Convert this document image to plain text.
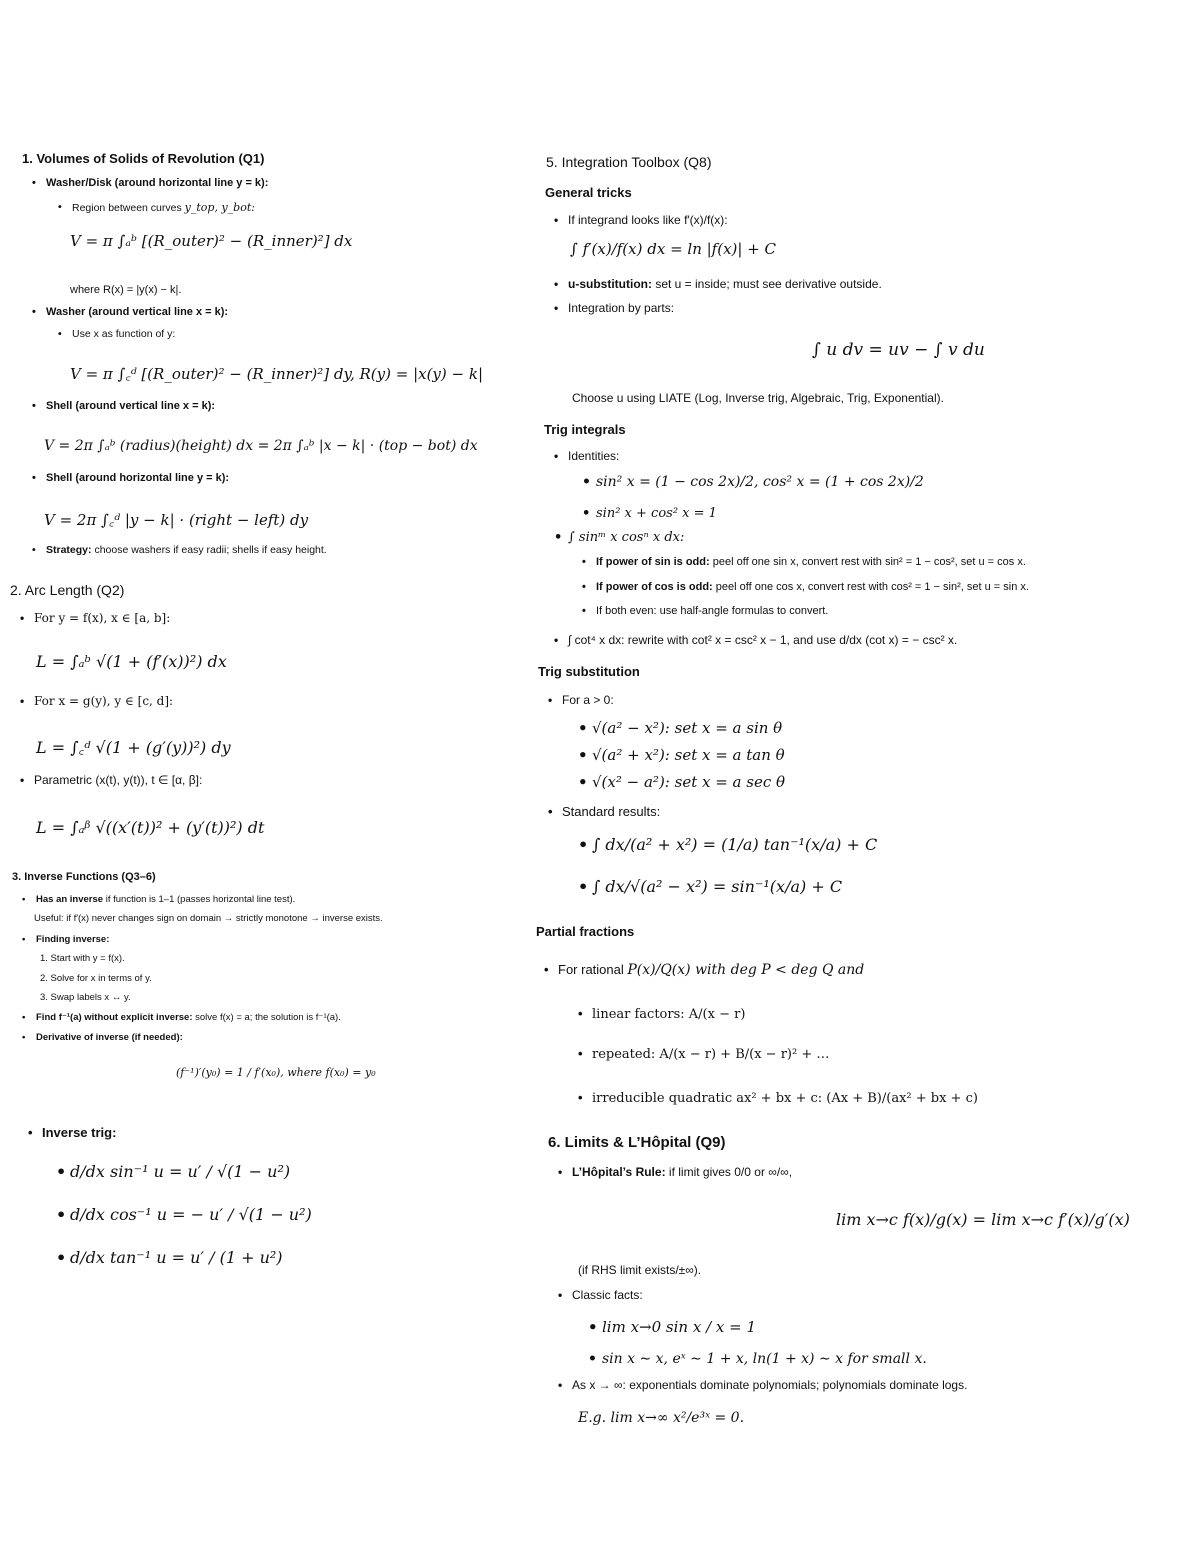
1. Volumes of Solids of Revolution (Q1)
• Washer/Disk (around horizontal line y = k):
• Region between curves y_top, y_bot:
V = π ∫ₐᵇ [(R_outer)² − (R_inner)²] dx
where R(x) = |y(x) − k|.
• Washer (around vertical line x = k):
• Use x as function of y:
V = π ∫꜀ᵈ [(R_outer)² − (R_inner)²] dy, R(y) = |x(y) − k|
• Shell (around vertical line x = k):
V = 2π ∫ₐᵇ (radius)(height) dx = 2π ∫ₐᵇ |x − k| · (top − bot) dx
• Shell (around horizontal line y = k):
V = 2π ∫꜀ᵈ |y − k| · (right − left) dy
• Strategy: choose washers if easy radii; shells if easy height.
2. Arc Length (Q2)
• For y = f(x), x ∈ [a, b]:
L = ∫ₐᵇ √(1 + (f′(x))²) dx
• For x = g(y), y ∈ [c, d]:
L = ∫꜀ᵈ √(1 + (g′(y))²) dy
• Parametric (x(t), y(t)), t ∈ [α, β]:
L = ∫ₐᵝ √((x′(t))² + (y′(t))²) dt
3. Inverse Functions (Q3–6)
• Has an inverse if function is 1–1 (passes horizontal line test).
Useful: if f′(x) never changes sign on domain → strictly monotone → inverse exists.
• Finding inverse:
1. Start with y = f(x).
2. Solve for x in terms of y.
3. Swap labels x ↔ y.
• Find f⁻¹(a) without explicit inverse: solve f(x) = a; the solution is f⁻¹(a).
• Derivative of inverse (if needed):
(f⁻¹)′(y₀) = 1 / f′(x₀), where f(x₀) = y₀
• Inverse trig:
• d/dx sin⁻¹ u = u′ / √(1 − u²)
• d/dx cos⁻¹ u = − u′ / √(1 − u²)
• d/dx tan⁻¹ u = u′ / (1 + u²)
5. Integration Toolbox (Q8)
General tricks
• If integrand looks like f′(x)/f(x):
∫ f′(x)/f(x) dx = ln |f(x)| + C
• u-substitution: set u = inside; must see derivative outside.
• Integration by parts:
∫ u dv = uv − ∫ v du
Choose u using LIATE (Log, Inverse trig, Algebraic, Trig, Exponential).
Trig integrals
• Identities:
• sin² x = (1 − cos 2x)/2, cos² x = (1 + cos 2x)/2
• sin² x + cos² x = 1
• ∫ sinᵐ x cosⁿ x dx:
• If power of sin is odd: peel off one sin x, convert rest with sin² = 1 − cos², set u = cos x.
• If power of cos is odd: peel off one cos x, convert rest with cos² = 1 − sin², set u = sin x.
• If both even: use half-angle formulas to convert.
• ∫ cot⁴ x dx: rewrite with cot² x = csc² x − 1, and use d/dx (cot x) = − csc² x.
Trig substitution
• For a > 0:
• √(a² − x²): set x = a sin θ
• √(a² + x²): set x = a tan θ
• √(x² − a²): set x = a sec θ
• Standard results:
• ∫ dx/(a² + x²) = (1/a) tan⁻¹(x/a) + C
• ∫ dx/√(a² − x²) = sin⁻¹(x/a) + C
Partial fractions
• For rational P(x)/Q(x) with deg P < deg Q and
• linear factors: A/(x − r)
• repeated: A/(x − r) + B/(x − r)² + …
• irreducible quadratic ax² + bx + c: (Ax + B)/(ax² + bx + c)
6. Limits & L’Hôpital (Q9)
• L’Hôpital’s Rule: if limit gives 0/0 or ∞/∞,
lim x→c f(x)/g(x) = lim x→c f′(x)/g′(x)
(if RHS limit exists/±∞).
• Classic facts:
• lim x→0 sin x / x = 1
• sin x ∼ x, eˣ ∼ 1 + x, ln(1 + x) ∼ x for small x.
• As x → ∞: exponentials dominate polynomials; polynomials dominate logs.
E.g. lim x→∞ x²/e³ˣ = 0.
